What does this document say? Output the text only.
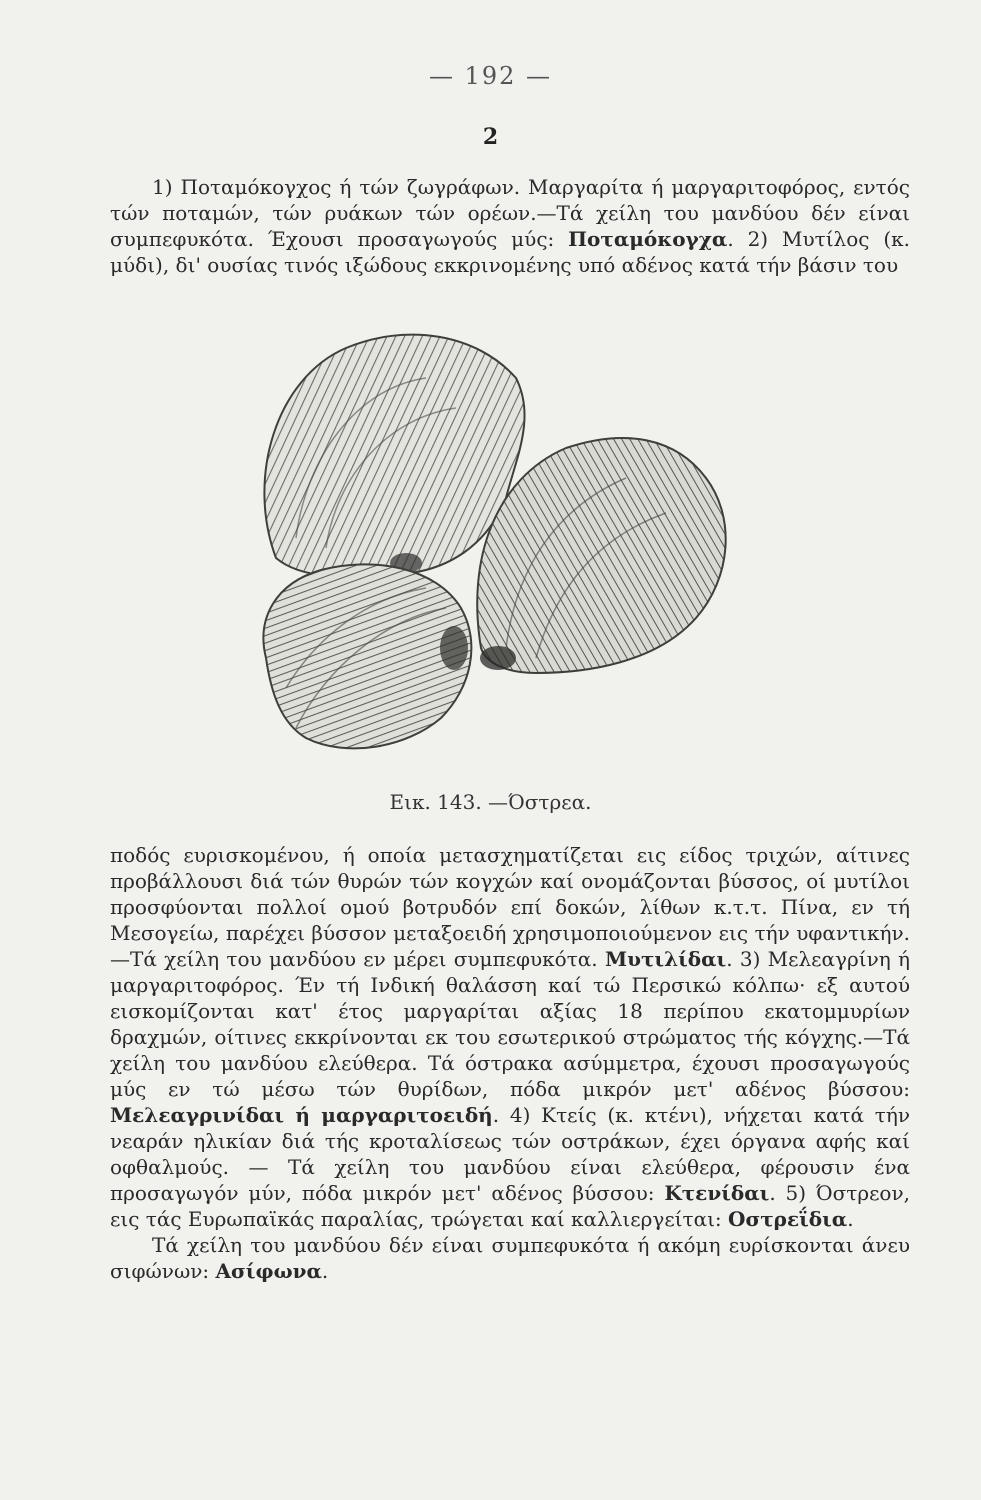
— 192 —
2

1) Ποταμόκογχος ή τών ζωγράφων. Μαργαρίτα ή μαργαριτοφόρος, εντός τών ποταμών, τών ρυάκων τών ορέων.—Τά χείλη του μανδύου δέν είναι συμπεφυκότα. Έχουσι προσαγωγούς μύς: Ποταμόκογχα. 2) Μυτίλος (κ. μύδι), δι' ουσίας τινός ιξώδους εκκρινομένης υπό αδένος κατά τήν βάσιν του

Εικ. 143. —Όστρεα.

ποδός ευρισκομένου, ή οποία μετασχηματίζεται εις είδος τριχών, αίτινες προβάλλουσι διά τών θυρών τών κογχών καί ονομάζονται βύσσος, οί μυτίλοι προσφύονται πολλοί ομού βοτρυδόν επί δοκών, λίθων κ.τ.τ. Πίνα, εν τή Μεσογείω, παρέχει βύσσον μεταξοειδή χρησιμοποιούμενον εις τήν υφαντικήν.—Τά χείλη του μανδύου εν μέρει συμπεφυκότα. Μυτιλίδαι. 3) Μελεαγρίνη ή μαργαριτοφόρος. Έν τή Ινδική θαλάσση καί τώ Περσικώ κόλπω· εξ αυτού εισκομίζονται κατ' έτος μαργαρίται αξίας 18 περίπου εκατομμυρίων δραχμών, οίτινες εκκρίνονται εκ του εσωτερικού στρώματος τής κόγχης.—Τά χείλη του μανδύου ελεύθερα. Τά όστρακα ασύμμετρα, έχουσι προσαγωγούς μύς εν τώ μέσω τών θυρίδων, πόδα μικρόν μετ' αδένος βύσσου: Μελεαγρινίδαι ή μαργαριτοειδή. 4) Κτείς (κ. κτένι), νήχεται κατά τήν νεαράν ηλικίαν διά τής κροταλίσεως τών οστράκων, έχει όργανα αφής καί οφθαλμούς. — Τά χείλη του μανδύου είναι ελεύθερα, φέρουσιν ένα προσαγωγόν μύν, πόδα μικρόν μετ' αδένος βύσσου: Κτενίδαι. 5) Όστρεον, εις τάς Ευρωπαϊκάς παραλίας, τρώγεται καί καλλιεργείται: Οστρεΐδια.

Τά χείλη του μανδύου δέν είναι συμπεφυκότα ή ακόμη ευρίσκονται άνευ σιφώνων: Ασίφωνα.
